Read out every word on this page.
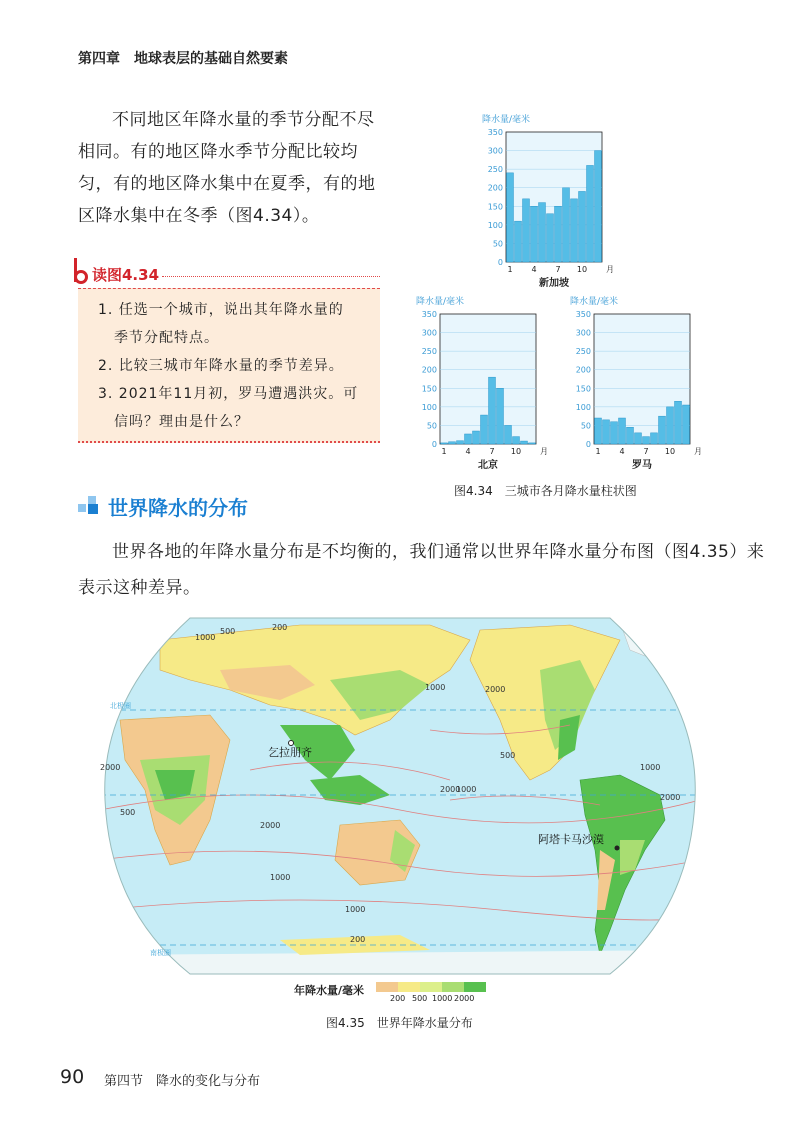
第四章　地球表层的基础自然要素
不同地区年降水量的季节分配不尽相同。有的地区降水季节分配比较均匀，有的地区降水集中在夏季，有的地区降水集中在冬季（图4.34）。
读图4.34
1. 任选一个城市，说出其年降水量的
季节分配特点。
2. 比较三城市年降水量的季节差异。
3. 2021年11月初，罗马遭遇洪灾。可
信吗？理由是什么？
降水量/毫米
0
50
100
150
200
250
300
350
1 4 7 10 月
新加坡
降水量/毫米
0
50
100
150
200
250
300
350
1 4 7 10 月
北京
降水量/毫米
0
50
100
150
200
250
300
350
1 4 7 10 月
罗马
图4.34　三城市各月降水量柱状图
世界降水的分布
世界各地的年降水量分布是不均衡的，我们通常以世界年降水量分布图（图4.35）来表示这种差异。
1000
500	200
1000	2000
2000
500
2000
1000
1000
2000
1000
500
1000
2000
200
北极圈
南极圈
乞拉朋齐
阿塔卡马沙漠
年降水量/毫米
200 500 1000 2000
图4.35　世界年降水量分布
90 第四节　降水的变化与分布
